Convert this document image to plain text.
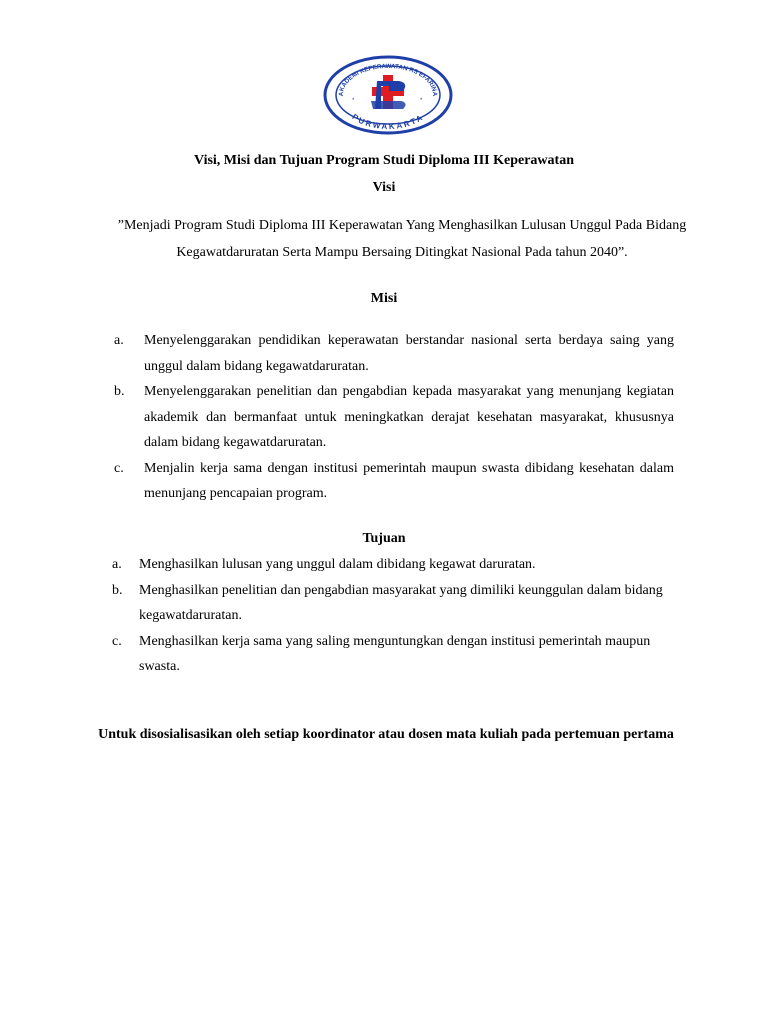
AKADEMI KEPERAWATAN RS EFARINA
PURWAKARTA
*	*
Visi, Misi dan Tujuan Program Studi Diploma III Keperawatan
Visi
”Menjadi Program Studi Diploma III Keperawatan Yang Menghasilkan Lulusan Unggul Pada Bidang Kegawatdaruratan Serta Mampu Bersaing Ditingkat Nasional Pada tahun 2040”.
Misi
a. Menyelenggarakan pendidikan keperawatan berstandar nasional serta berdaya saing yang unggul dalam bidang kegawatdaruratan.
b. Menyelenggarakan penelitian dan pengabdian kepada masyarakat yang menunjang kegiatan akademik dan bermanfaat untuk meningkatkan derajat kesehatan masyarakat, khususnya dalam bidang kegawatdaruratan.
c. Menjalin kerja sama dengan institusi pemerintah maupun swasta dibidang kesehatan dalam menunjang pencapaian program.
Tujuan
a. Menghasilkan lulusan yang unggul dalam dibidang kegawat daruratan.
b. Menghasilkan penelitian dan pengabdian masyarakat yang dimiliki keunggulan dalam bidang kegawatdaruratan.
c. Menghasilkan kerja sama yang saling menguntungkan dengan institusi pemerintah maupun swasta.
Untuk disosialisasikan oleh setiap koordinator atau dosen mata kuliah pada pertemuan pertama
